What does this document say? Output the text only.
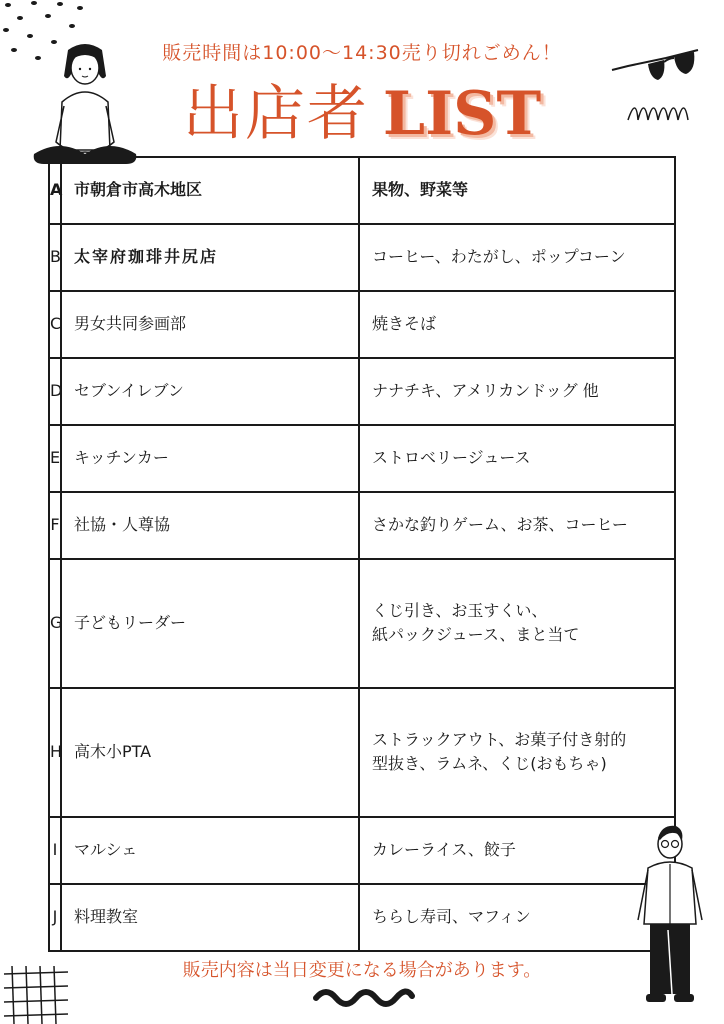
販売時間は10:00〜14:30売り切れごめん！
出店者 LIST
A	市朝倉市高木地区	果物、野菜等
B	太宰府珈琲井尻店	コーヒー、わたがし、ポップコーン
C	男女共同参画部	焼きそば
D	セブンイレブン	ナナチキ、アメリカンドッグ 他
E	キッチンカー	ストロベリージュース
F	社協・人尊協	さかな釣りゲーム、お茶、コーヒー
G	子どもリーダー	くじ引き、お玉すくい、
紙パックジュース、まと当て
H	高木小PTA	ストラックアウト、お菓子付き射的
型抜き、ラムネ、くじ(おもちゃ)
I	マルシェ	カレーライス、餃子
J	料理教室	ちらし寿司、マフィン
販売内容は当日変更になる場合があります。
